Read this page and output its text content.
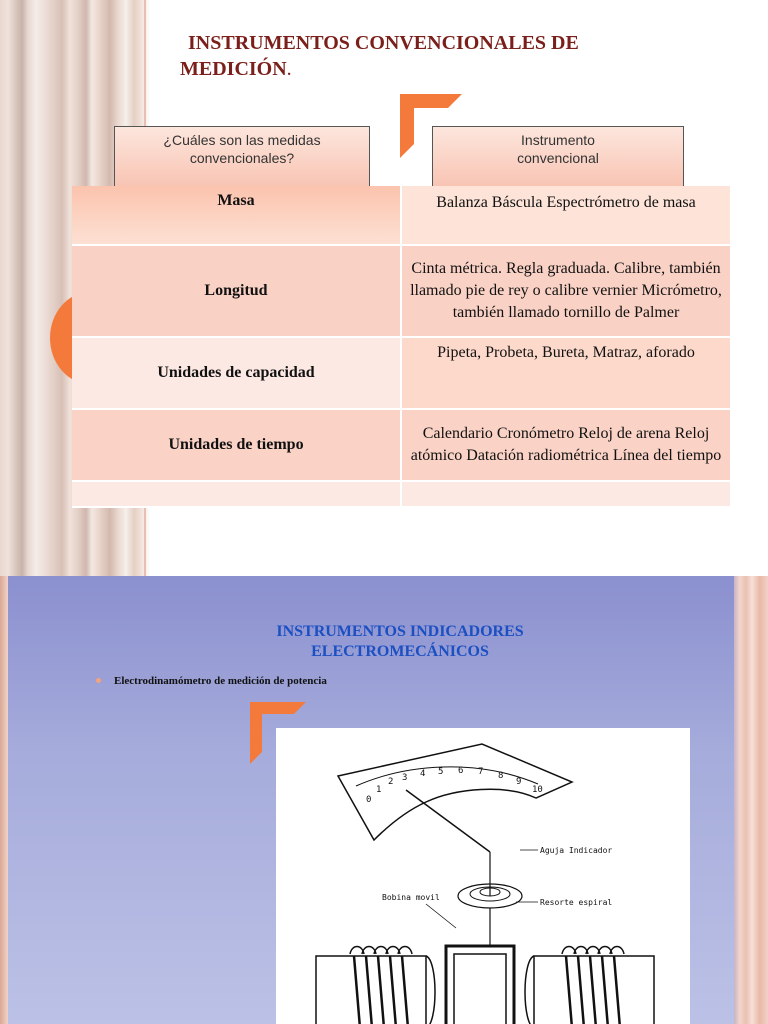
INSTRUMENTOS CONVENCIONALES DE
MEDICIÓN.
¿Cuáles son las medidas
convencionales?
Instrumento
convencional
Masa	Balanza Báscula Espectrómetro de masa
Longitud	Cinta métrica. Regla graduada. Calibre, también llamado pie de rey o calibre vernier Micrómetro, también llamado tornillo de Palmer
Unidades de capacidad	Pipeta, Probeta, Bureta, Matraz, aforado
Unidades de tiempo	Calendario Cronómetro Reloj de arena Reloj atómico Datación radiométrica Línea del tiempo

INSTRUMENTOS INDICADORES
ELECTROMECÁNICOS
Electrodinamómetro de medición de potencia
0
1
2 3 4 5 6 7 8
9
10
Aguja Indicador
Resorte espiral
Bobina movil
